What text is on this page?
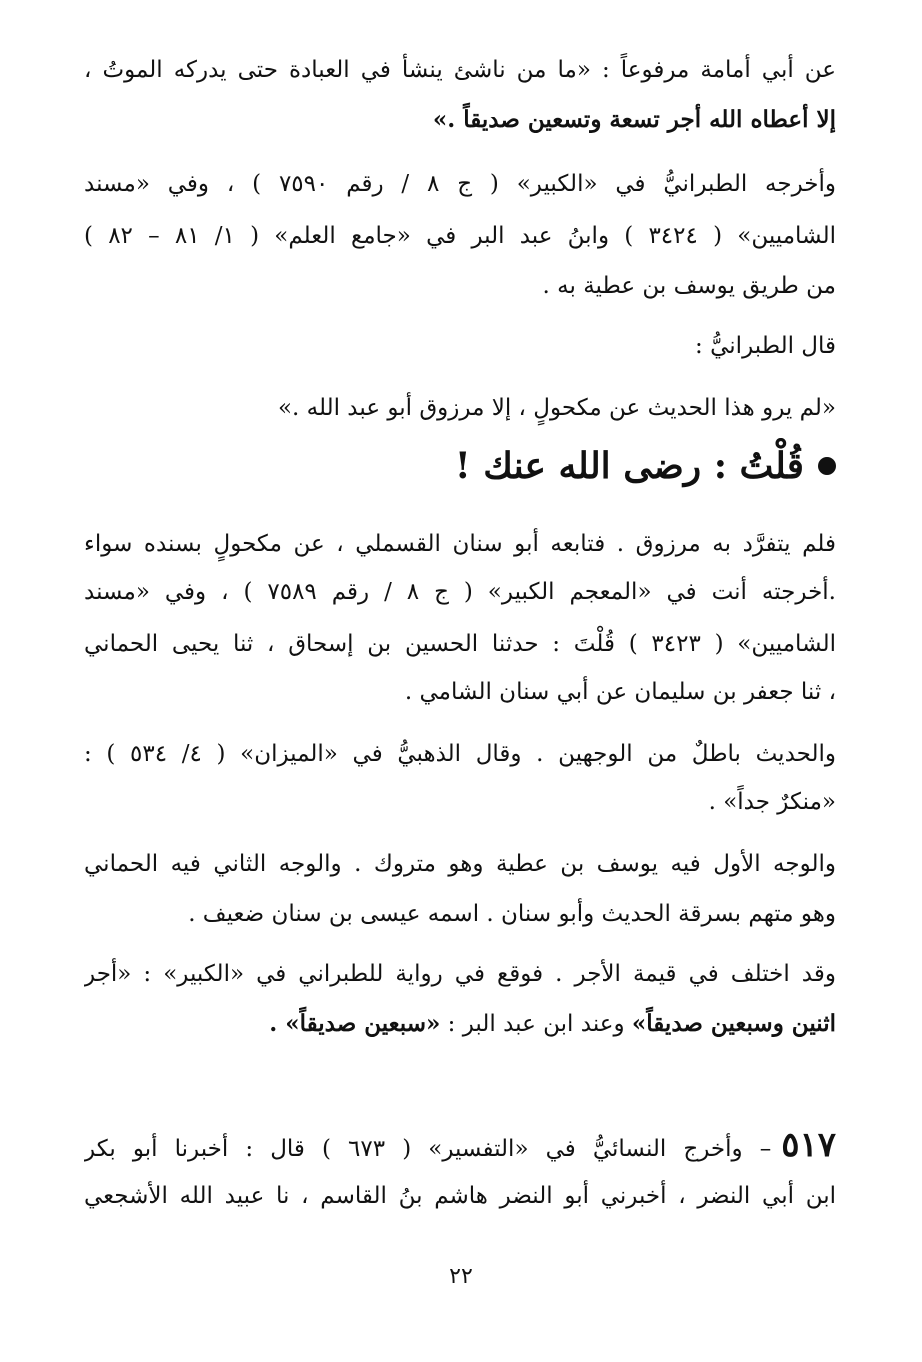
عن أبي أمامة مرفوعاً : «ما من ناشئ ينشأ في العبادة حتى يدركه الموتُ ،
إلا أعطاه الله أجر تسعة وتسعين صديقاً .»
وأخرجه الطبرانيُّ في «الكبير» ( ج ٨ / رقم ٧٥٩٠ ) ، وفي «مسند
الشاميين» ( ٣٤٢٤ ) وابنُ عبد البر في «جامع العلم» ( ١/ ٨١ – ٨٢ )
من طريق يوسف بن عطية به .
قال الطبرانيُّ :
«لم يرو هذا الحديث عن مكحولٍ ، إلا مرزوق أبو عبد الله .»
قُلْتُ : رضى الله عنك !
فلم يتفرَّد به مرزوق . فتابعه أبو سنان القسملي ، عن مكحولٍ بسنده سواء
.أخرجته أنت في «المعجم الكبير» ( ج ٨ / رقم ٧٥٨٩ ) ، وفي «مسند
الشاميين» ( ٣٤٢٣ ) قُلْتَ : حدثنا الحسين بن إسحاق ، ثنا يحيى الحماني
، ثنا جعفر بن سليمان عن أبي سنان الشامي .
والحديث باطلٌ من الوجهين . وقال الذهبيُّ في «الميزان» ( ٤/ ٥٣٤ ) :
«منكرٌ جداً» .
والوجه الأول فيه يوسف بن عطية وهو متروك . والوجه الثاني فيه الحماني
وهو متهم بسرقة الحديث وأبو سنان . اسمه عيسى بن سنان ضعيف .
وقد اختلف في قيمة الأجر . فوقع في رواية للطبراني في «الكبير» : «أجر
اثنين وسبعين صديقاً» وعند ابن عبد البر : «سبعين صديقاً» .
٥١٧– وأخرج النسائيُّ في «التفسير» ( ٦٧٣ ) قال : أخبرنا أبو بكر
ابن أبي النضر ، أخبرني أبو النضر هاشم بنُ القاسم ، نا عبيد الله الأشجعي
٢٢
